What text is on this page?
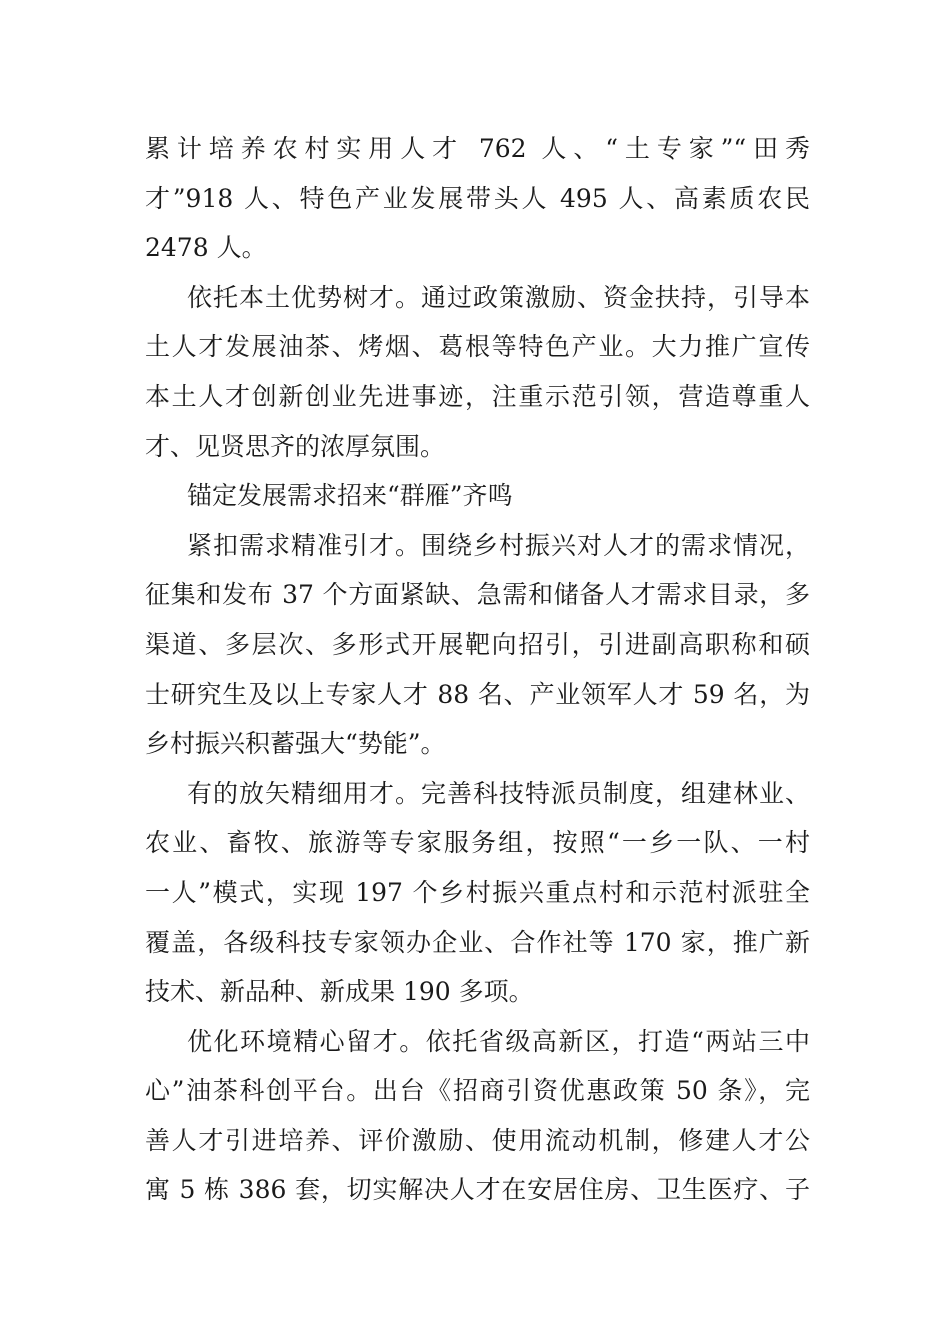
累计培养农村实用人才 762 人、“土专家”“田秀
才”918 人、特色产业发展带头人 495 人、高素质农民
2478 人。
依托本土优势树才。通过政策激励、资金扶持，引导本
土人才发展油茶、烤烟、葛根等特色产业。大力推广宣传
本土人才创新创业先进事迹，注重示范引领，营造尊重人
才、见贤思齐的浓厚氛围。
锚定发展需求招来“群雁”齐鸣
紧扣需求精准引才。围绕乡村振兴对人才的需求情况，
征集和发布 37 个方面紧缺、急需和储备人才需求目录，多
渠道、多层次、多形式开展靶向招引，引进副高职称和硕
士研究生及以上专家人才 88 名、产业领军人才 59 名，为
乡村振兴积蓄强大“势能”。
有的放矢精细用才。完善科技特派员制度，组建林业、
农业、畜牧、旅游等专家服务组，按照“一乡一队、一村
一人”模式，实现 197 个乡村振兴重点村和示范村派驻全
覆盖，各级科技专家领办企业、合作社等 170 家，推广新
技术、新品种、新成果 190 多项。
优化环境精心留才。依托省级高新区，打造“两站三中
心”油茶科创平台。出台《招商引资优惠政策 50 条》，完
善人才引进培养、评价激励、使用流动机制，修建人才公
寓 5 栋 386 套，切实解决人才在安居住房、卫生医疗、子
